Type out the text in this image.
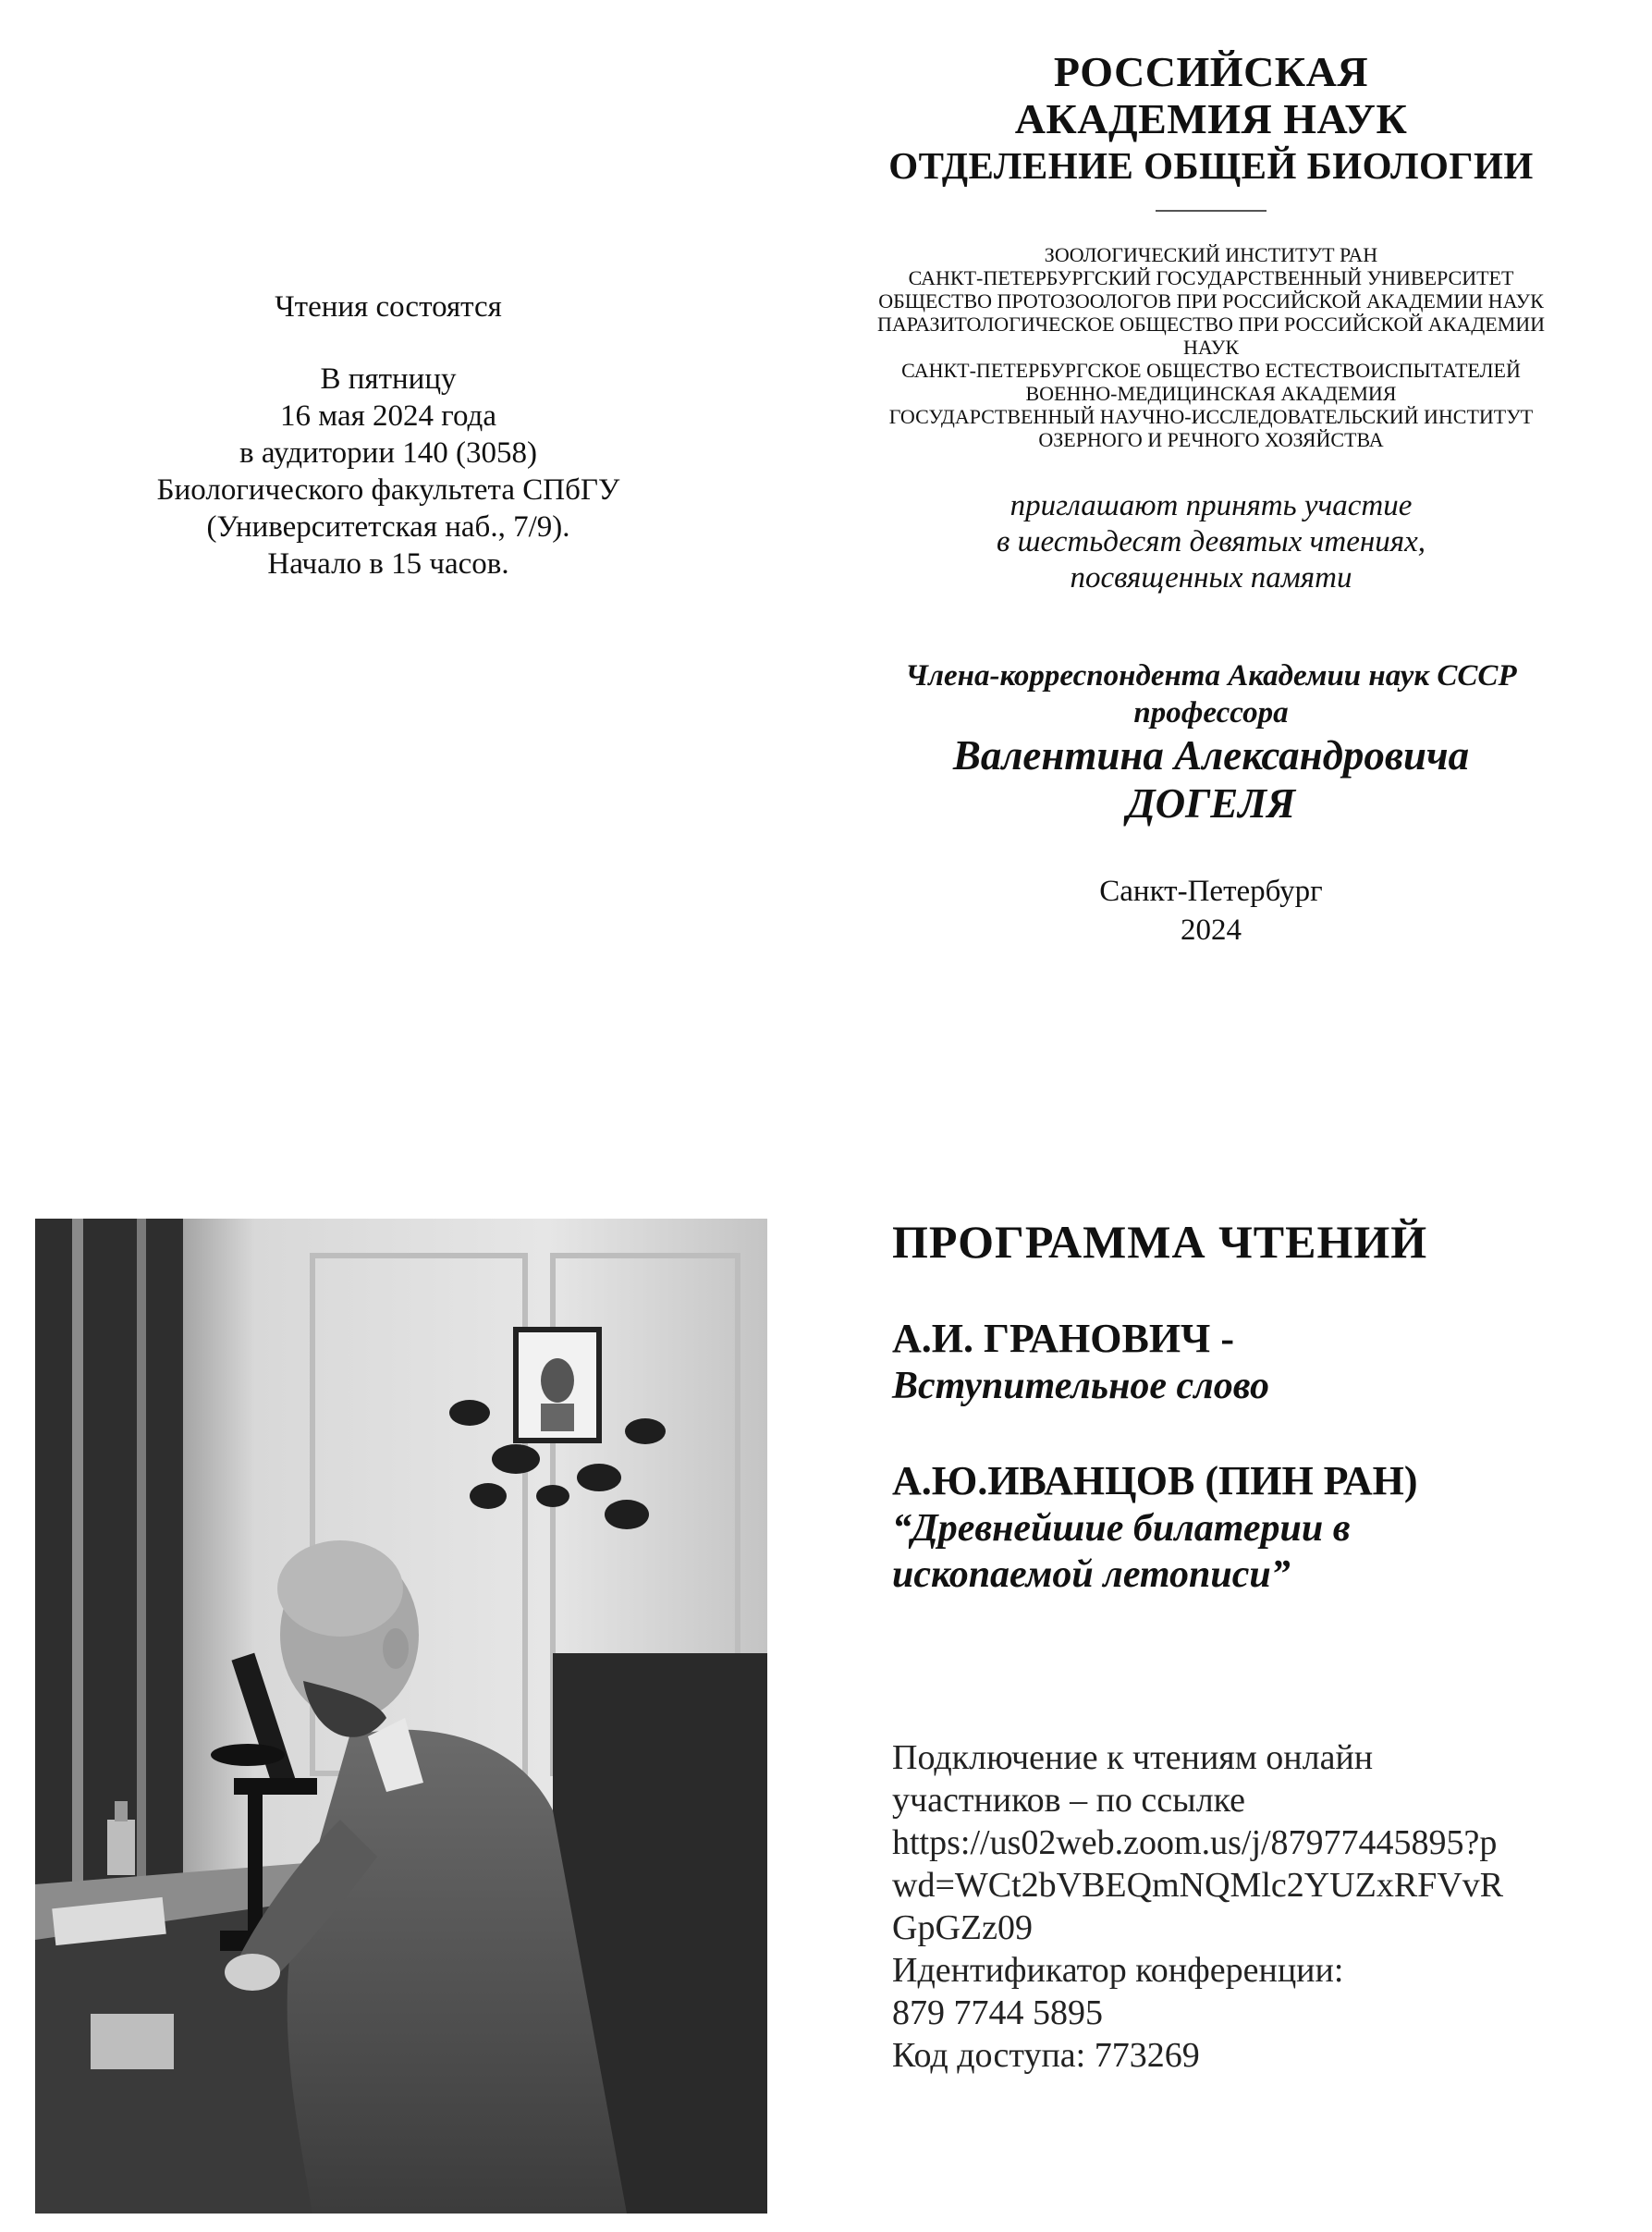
Чтения состоятся
В пятницу
16 мая 2024 года
в аудитории 140 (3058)
Биологического факультета СПбГУ
(Университетская наб., 7/9).
Начало в 15 часов.
РОССИЙСКАЯ
АКАДЕМИЯ НАУК
ОТДЕЛЕНИЕ ОБЩЕЙ БИОЛОГИИ
ЗООЛОГИЧЕСКИЙ ИНСТИТУТ РАН
САНКТ-ПЕТЕРБУРГСКИЙ ГОСУДАРСТВЕННЫЙ УНИВЕРСИТЕТ
ОБЩЕСТВО ПРОТОЗООЛОГОВ ПРИ РОССИЙСКОЙ АКАДЕМИИ НАУК
ПАРАЗИТОЛОГИЧЕСКОЕ ОБЩЕСТВО ПРИ РОССИЙСКОЙ АКАДЕМИИ
НАУК
САНКТ-ПЕТЕРБУРГСКОЕ ОБЩЕСТВО ЕСТЕСТВОИСПЫТАТЕЛЕЙ
ВОЕННО-МЕДИЦИНСКАЯ АКАДЕМИЯ
ГОСУДАРСТВЕННЫЙ НАУЧНО-ИССЛЕДОВАТЕЛЬСКИЙ ИНСТИТУТ
ОЗЕРНОГО И РЕЧНОГО ХОЗЯЙСТВА
приглашают принять участие
в шестьдесят девятых чтениях,
посвященных памяти
Члена-корреспондента Академии наук СССР
профессора
Валентина Александровича
ДОГЕЛЯ
Санкт-Петербург
2024
ПРОГРАММА ЧТЕНИЙ
А.И. ГРАНОВИЧ -
Вступительное слово
А.Ю.ИВАНЦОВ (ПИН РАН)
“Древнейшие билатерии в
ископаемой летописи”
Подключение к чтениям онлайн
участников – по ссылке
https://us02web.zoom.us/j/87977445895?p
wd=WCt2bVBEQmNQMlc2YUZxRFVvR
GpGZz09
Идентификатор конференции:
879 7744 5895
Код доступа: 773269
